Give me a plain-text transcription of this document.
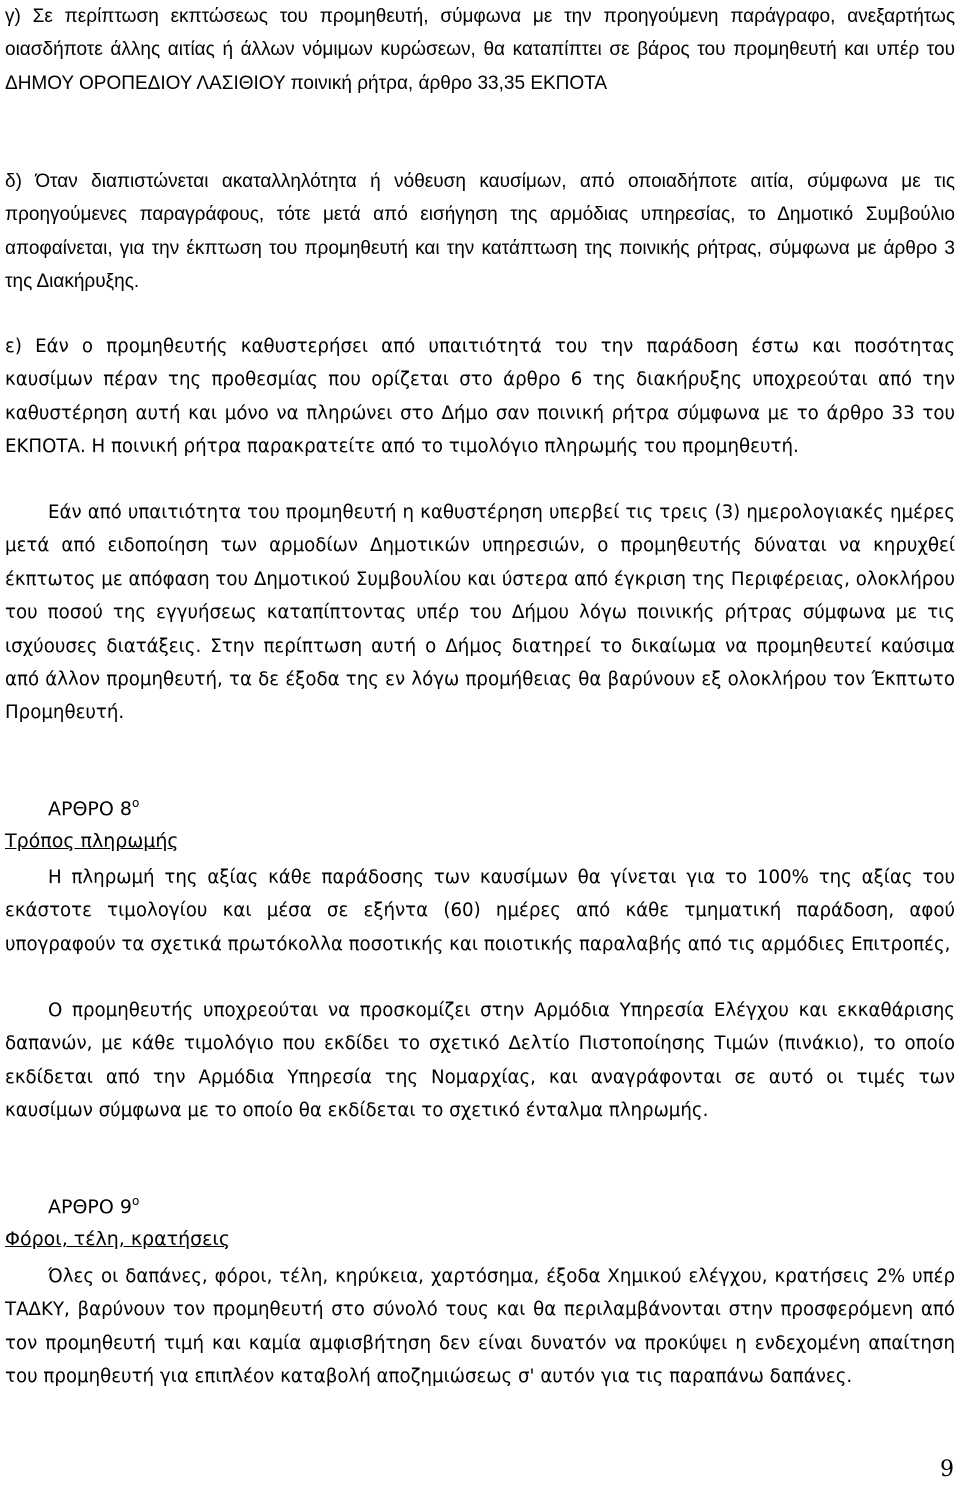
γ) Σε περίπτωση εκπτώσεως του προμηθευτή, σύμφωνα με την προηγούμενη παράγραφο, ανεξαρτήτως οιασδήποτε άλλης αιτίας ή άλλων νόμιμων κυρώσεων, θα καταπίπτει σε βάρος του προμηθευτή και υπέρ του ΔΗΜΟΥ ΟΡΟΠΕΔΙΟΥ ΛΑΣΙΘΙΟΥ ποινική ρήτρα, άρθρο 33,35 ΕΚΠΟΤΑ

δ) Όταν διαπιστώνεται ακαταλληλότητα ή νόθευση καυσίμων, από οποιαδήποτε αιτία, σύμφωνα με τις προηγούμενες παραγράφους, τότε μετά από εισήγηση της αρμόδιας υπηρεσίας, το Δημοτικό Συμβούλιο αποφαίνεται, για την έκπτωση του προμηθευτή και την κατάπτωση της ποινικής ρήτρας, σύμφωνα με άρθρο 3 της Διακήρυξης.

ε) Εάν ο προμηθευτής καθυστερήσει από υπαιτιότητά του την παράδοση έστω και ποσότητας καυσίμων πέραν της προθεσμίας που ορίζεται στο άρθρο 6 της διακήρυξης υποχρεούται από την καθυστέρηση αυτή και μόνο να πληρώνει στο Δήμο σαν ποινική ρήτρα σύμφωνα με το άρθρο 33 του ΕΚΠΟΤΑ. Η ποινική ρήτρα παρακρατείτε από το τιμολόγιο πληρωμής του προμηθευτή.

Εάν από υπαιτιότητα του προμηθευτή η καθυστέρηση υπερβεί τις τρεις (3) ημερολογιακές ημέρες μετά από ειδοποίηση των αρμοδίων Δημοτικών υπηρεσιών, ο προμηθευτής δύναται να κηρυχθεί έκπτωτος με απόφαση του Δημοτικού Συμβουλίου και ύστερα από έγκριση της Περιφέρειας, ολοκλήρου του ποσού της εγγυήσεως καταπίπτοντας υπέρ του Δήμου λόγω ποινικής ρήτρας σύμφωνα με τις ισχύουσες διατάξεις. Στην περίπτωση αυτή ο Δήμος διατηρεί το δικαίωμα να προμηθευτεί καύσιμα από άλλον προμηθευτή, τα δε έξοδα της εν λόγω προμήθειας θα βαρύνουν εξ ολοκλήρου τον Έκπτωτο Προμηθευτή.

ΑΡΘΡΟ $8^o$

Τρόπος πληρωμής

Η πληρωμή της αξίας κάθε παράδοσης των καυσίμων θα γίνεται για το 100% της αξίας του εκάστοτε τιμολογίου και μέσα σε εξήντα (60) ημέρες από κάθε τμηματική παράδοση, αφού υπογραφούν τα σχετικά πρωτόκολλα ποσοτικής και ποιοτικής παραλαβής από τις αρμόδιες Επιτροπές,

Ο προμηθευτής υποχρεούται να προσκομίζει στην Αρμόδια Υπηρεσία Ελέγχου και εκκαθάρισης δαπανών, με κάθε τιμολόγιο που εκδίδει το σχετικό Δελτίο Πιστοποίησης Τιμών (πινάκιο), το οποίο εκδίδεται από την Αρμόδια Υπηρεσία της Νομαρχίας, και αναγράφονται σε αυτό οι τιμές των καυσίμων σύμφωνα με το οποίο θα εκδίδεται το σχετικό ένταλμα πληρωμής.

ΑΡΘΡΟ $9^o$

Φόροι, τέλη, κρατήσεις

Όλες οι δαπάνες, φόροι, τέλη, κηρύκεια, χαρτόσημα, έξοδα Χημικού ελέγχου, κρατήσεις 2% υπέρ ΤΑΔΚΥ, βαρύνουν τον προμηθευτή στο σύνολό τους και θα περιλαμβάνονται στην προσφερόμενη από τον προμηθευτή τιμή και καμία αμφισβήτηση δεν είναι δυνατόν να προκύψει η ενδεχομένη απαίτηση του προμηθευτή για επιπλέον καταβολή αποζημιώσεως σ' αυτόν για τις παραπάνω δαπάνες.

9
